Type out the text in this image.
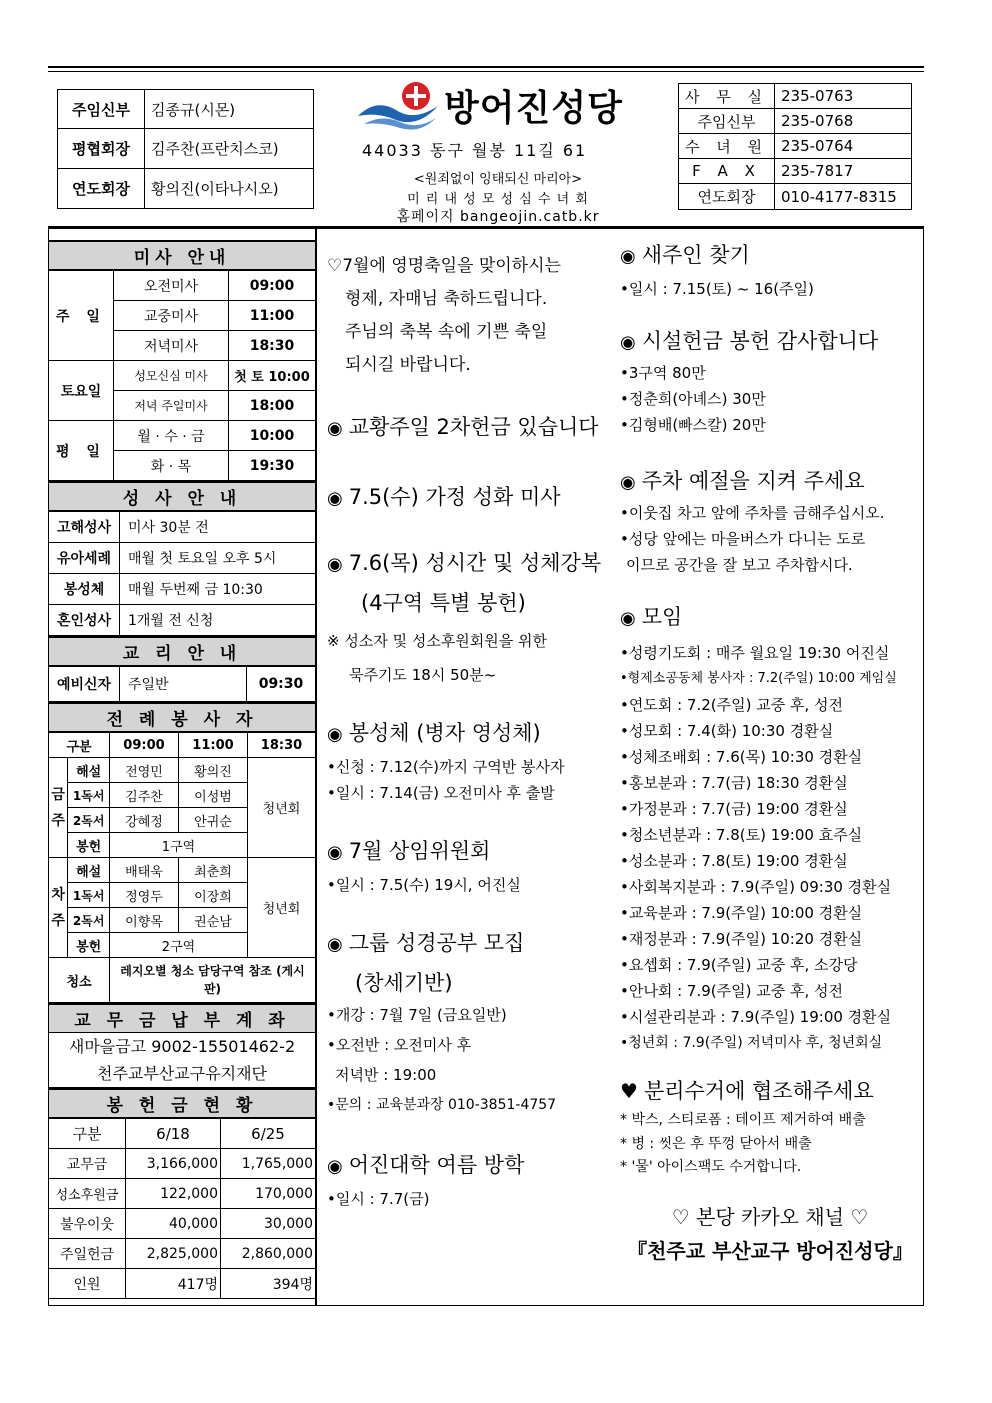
주임신부	김종규(시몬)
평협회장	김주찬(프란치스코)
연도회장	황의진(이타나시오)
방어진성당
44033 동구 월봉 11길 61
<원죄없이 잉태되신 마리아>
미 리 내 성 모 성 심 수 녀 회
홈페이지 bangeojin.catb.kr
사 무 실	235-0763
주임신부	235-0768
수 녀 원	235-0764
F A X	235-7817
연도회장	010-4177-8315
미사 안내
주 일	오전미사	09:00
	교중미사	11:00
	저녁미사	18:30
토요일	성모신심 미사	첫 토 10:00
	저녁 주일미사	18:00
평 일	월 · 수 · 금	10:00
	화 · 목	19:30
성 사 안 내
고해성사	미사 30분 전
유아세례	매월 첫 토요일 오후 5시
봉성체	매월 두번째 금 10:30
혼인성사	1개월 전 신청
교 리 안 내
예비신자	주일반	09:30
전 례 봉 사 자
구분		09:00	11:00	18:30

금
주	해설	전영민	황의진	청년회
	1독서	김주찬	이성범	
	2독서	강혜정	안귀순	
	봉헌	1구역		

차
주	해설	배태욱	최춘희	청년회
	1독서	정영두	이장희	
	2독서	이향목	권순남	
	봉헌	2구역		
청소		레지오별 청소 담당구역 참조 (게시판)		
교 무 금 납 부 계 좌
새마을금고 9002-15501462-2
천주교부산교구유지재단
봉 헌 금 현 황
구분	6/18	6/25
교무금	3,166,000	1,765,000
성소후원금	122,000	170,000
불우이웃	40,000	30,000
주일헌금	2,825,000	2,860,000
인원	417명	394명

♡7월에 영명축일을 맞이하시는

형제, 자매님 축하드립니다.

주님의 축복 속에 기쁜 축일

되시길 바랍니다.

◉ 교황주일 2차헌금 있습니다
◉ 7.5(수) 가정 성화 미사
◉ 7.6(목) 성시간 및 성체강복
(4구역 특별 봉헌)

※ 성소자 및 성소후원회원을 위한

묵주기도 18시 50분~

◉ 봉성체 (병자 영성체)

•신청 : 7.12(수)까지 구역반 봉사자

•일시 : 7.14(금) 오전미사 후 출발

◉ 7월 상임위원회

•일시 : 7.5(수) 19시, 어진실

◉ 그룹 성경공부 모집
(창세기반)

•개강 : 7월 7일 (금요일반)

•오전반 : 오전미사 후

저녁반 : 19:00

•문의 : 교육분과장 010-3851-4757

◉ 어진대학 여름 방학

•일시 : 7.7(금)

◉ 새주인 찾기

•일시 : 7.15(토) ~ 16(주일)

◉ 시설헌금 봉헌 감사합니다

•3구역 80만

•정춘희(아녜스) 30만

•김형배(빠스칼) 20만

◉ 주차 예절을 지켜 주세요

•이웃집 차고 앞에 주차를 금해주십시오.

•성당 앞에는 마을버스가 다니는 도로

이므로 공간을 잘 보고 주차합시다.

◉ 모임

•성령기도회 : 매주 월요일 19:30 어진실

•형제소공동체 봉사자 : 7.2(주일) 10:00 계임실

•연도회 : 7.2(주일) 교중 후, 성전

•성모회 : 7.4(화) 10:30 경환실

•성체조배회 : 7.6(목) 10:30 경환실

•홍보분과 : 7.7(금) 18:30 경환실

•가정분과 : 7.7(금) 19:00 경환실

•청소년분과 : 7.8(토) 19:00 효주실

•성소분과 : 7.8(토) 19:00 경환실

•사회복지분과 : 7.9(주일) 09:30 경환실

•교육분과 : 7.9(주일) 10:00 경환실

•재정분과 : 7.9(주일) 10:20 경환실

•요셉회 : 7.9(주일) 교중 후, 소강당

•안나회 : 7.9(주일) 교중 후, 성전

•시설관리분과 : 7.9(주일) 19:00 경환실

•청년회 : 7.9(주일) 저녁미사 후, 청년회실

♥ 분리수거에 협조해주세요

* 박스, 스티로폼 : 테이프 제거하여 배출

* 병 : 씻은 후 뚜껑 닫아서 배출

* '물' 아이스팩도 수거합니다.

♡ 본당 카카오 채널 ♡
『천주교 부산교구 방어진성당』
